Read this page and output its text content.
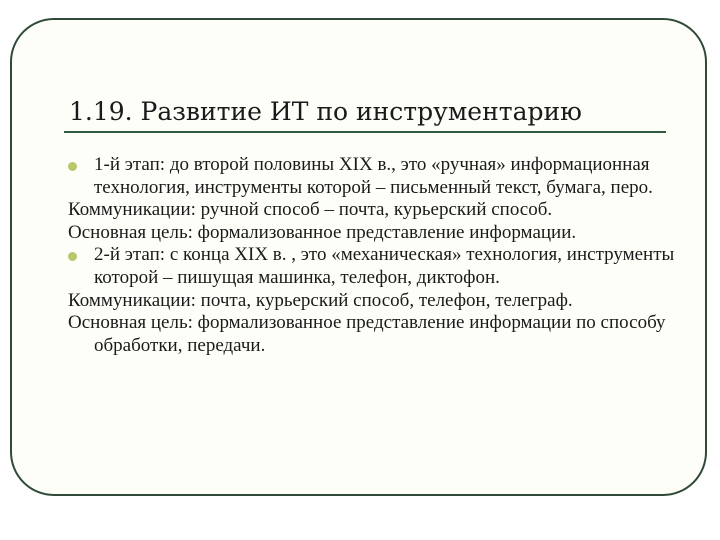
1.19. Развитие ИТ по инструментарию

1-й этап: до второй половины XIX в., это «ручная» информационная технология, инструменты которой – письменный текст, бумага, перо.

Коммуникации: ручной способ – почта, курьерский способ.

Основная цель: формализованное представление информации.

2-й этап: с конца XIX в. , это «механическая» технология, инструменты которой – пишущая машинка, телефон, диктофон.

Коммуникации: почта, курьерский способ, телефон, телеграф.

Основная цель: формализованное представление информации по способу обработки, передачи.
